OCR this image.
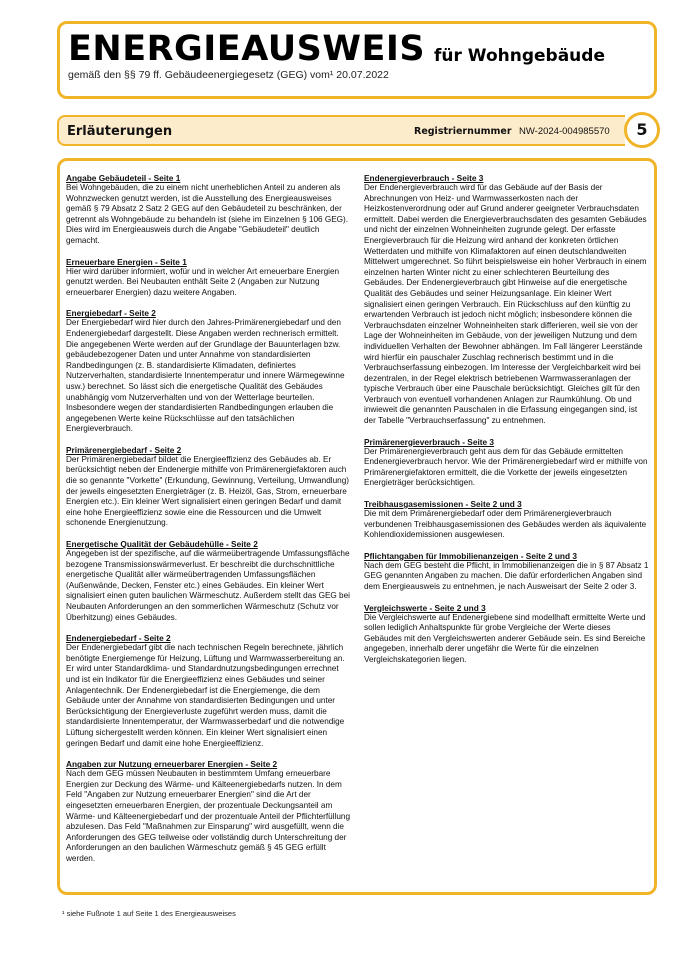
ENERGIEAUSWEIS für Wohngebäude
gemäß den §§ 79 ff. Gebäudeenergiegesetz (GEG) vom¹ 20.07.2022
Erläuterungen	Registriernummer NW-2024-004985570	5
Angabe Gebäudeteil - Seite 1
Bei Wohngebäuden, die zu einem nicht unerheblichen Anteil zu anderen als Wohnzwecken genutzt werden, ist die Ausstellung des Energieausweises gemäß § 79 Absatz 2 Satz 2 GEG auf den Gebäudeteil zu beschränken, der getrennt als Wohngebäude zu behandeln ist (siehe im Einzelnen § 106 GEG). Dies wird im Energieausweis durch die Angabe "Gebäudeteil" deutlich gemacht.
Erneuerbare Energien - Seite 1
Hier wird darüber informiert, wofür und in welcher Art erneuerbare Energien genutzt werden. Bei Neubauten enthält Seite 2 (Angaben zur Nutzung erneuerbarer Energien) dazu weitere Angaben.
Energiebedarf - Seite 2
Der Energiebedarf wird hier durch den Jahres-Primärenergiebedarf und den Endenergiebedarf dargestellt. Diese Angaben werden rechnerisch ermittelt. Die angegebenen Werte werden auf der Grundlage der Bauunterlagen bzw. gebäudebezogener Daten und unter Annahme von standardisierten Randbedingungen (z. B. standardisierte Klimadaten, definiertes Nutzerverhalten, standardisierte Innentemperatur und innere Wärmegewinne usw.) berechnet. So lässt sich die energetische Qualität des Gebäudes unabhängig vom Nutzerverhalten und von der Wetterlage beurteilen. Insbesondere wegen der standardisierten Randbedingungen erlauben die angegebenen Werte keine Rückschlüsse auf den tatsächlichen Energieverbrauch.
Primärenergiebedarf - Seite 2
Der Primärenergiebedarf bildet die Energieeffizienz des Gebäudes ab. Er berücksichtigt neben der Endenergie mithilfe von Primärenergiefaktoren auch die so genannte "Vorkette" (Erkundung, Gewinnung, Verteilung, Umwandlung) der jeweils eingesetzten Energieträger (z. B. Heizöl, Gas, Strom, erneuerbare Energien etc.). Ein kleiner Wert signalisiert einen geringen Bedarf und damit eine hohe Energieeffizienz sowie eine die Ressourcen und die Umwelt schonende Energienutzung.
Energetische Qualität der Gebäudehülle - Seite 2
Angegeben ist der spezifische, auf die wärmeübertragende Umfassungsfläche bezogene Transmissionswärmeverlust. Er beschreibt die durchschnittliche energetische Qualität aller wärmeübertragenden Umfassungsflächen (Außenwände, Decken, Fenster etc.) eines Gebäudes. Ein kleiner Wert signalisiert einen guten baulichen Wärmeschutz. Außerdem stellt das GEG bei Neubauten Anforderungen an den sommerlichen Wärmeschutz (Schutz vor Überhitzung) eines Gebäudes.
Endenergiebedarf - Seite 2
Der Endenergiebedarf gibt die nach technischen Regeln berechnete, jährlich benötigte Energiemenge für Heizung, Lüftung und Warmwasserbereitung an. Er wird unter Standardklima- und Standardnutzungsbedingungen errechnet und ist ein Indikator für die Energieeffizienz eines Gebäudes und seiner Anlagentechnik. Der Endenergiebedarf ist die Energiemenge, die dem Gebäude unter der Annahme von standardisierten Bedingungen und unter Berücksichtigung der Energieverluste zugeführt werden muss, damit die standardisierte Innentemperatur, der Warmwasserbedarf und die notwendige Lüftung sichergestellt werden können. Ein kleiner Wert signalisiert einen geringen Bedarf und damit eine hohe Energieeffizienz.
Angaben zur Nutzung erneuerbarer Energien - Seite 2
Nach dem GEG müssen Neubauten in bestimmtem Umfang erneuerbare Energien zur Deckung des Wärme- und Kälteenergiebedarfs nutzen. In dem Feld "Angaben zur Nutzung erneuerbarer Energien" sind die Art der eingesetzten erneuerbaren Energien, der prozentuale Deckungsanteil am Wärme- und Kälteenergiebedarf und der prozentuale Anteil der Pflichterfüllung abzulesen. Das Feld "Maßnahmen zur Einsparung" wird ausgefüllt, wenn die Anforderungen des GEG teilweise oder vollständig durch Unterschreitung der Anforderungen an den baulichen Wärmeschutz gemäß § 45 GEG erfüllt werden.
Endenergieverbrauch - Seite 3
Der Endenergieverbrauch wird für das Gebäude auf der Basis der Abrechnungen von Heiz- und Warmwasserkosten nach der Heizkostenverordnung oder auf Grund anderer geeigneter Verbrauchsdaten ermittelt. Dabei werden die Energieverbrauchsdaten des gesamten Gebäudes und nicht der einzelnen Wohneinheiten zugrunde gelegt. Der erfasste Energieverbrauch für die Heizung wird anhand der konkreten örtlichen Wetterdaten und mithilfe von Klimafaktoren auf einen deutschlandweiten Mittelwert umgerechnet. So führt beispielsweise ein hoher Verbrauch in einem einzelnen harten Winter nicht zu einer schlechteren Beurteilung des Gebäudes. Der Endenergieverbrauch gibt Hinweise auf die energetische Qualität des Gebäudes und seiner Heizungsanlage. Ein kleiner Wert signalisiert einen geringen Verbrauch. Ein Rückschluss auf den künftig zu erwartenden Verbrauch ist jedoch nicht möglich; insbesondere können die Verbrauchsdaten einzelner Wohneinheiten stark differieren, weil sie von der Lage der Wohneinheiten im Gebäude, von der jeweiligen Nutzung und dem individuellen Verhalten der Bewohner abhängen. Im Fall längerer Leerstände wird hierfür ein pauschaler Zuschlag rechnerisch bestimmt und in die Verbrauchserfassung einbezogen. Im Interesse der Vergleichbarkeit wird bei dezentralen, in der Regel elektrisch betriebenen Warmwasseranlagen der typische Verbrauch über eine Pauschale berücksichtigt. Gleiches gilt für den Verbrauch von eventuell vorhandenen Anlagen zur Raumkühlung. Ob und inwieweit die genannten Pauschalen in die Erfassung eingegangen sind, ist der Tabelle "Verbrauchserfassung" zu entnehmen.
Primärenergieverbrauch - Seite 3
Der Primärenergieverbrauch geht aus dem für das Gebäude ermittelten Endenergieverbrauch hervor. Wie der Primärenergiebedarf wird er mithilfe von Primärenergiefaktoren ermittelt, die die Vorkette der jeweils eingesetzten Energieträger berücksichtigen.
Treibhausgasemissionen - Seite 2 und 3
Die mit dem Primärenergiebedarf oder dem Primärenergieverbrauch verbundenen Treibhausgasemissionen des Gebäudes werden als äquivalente Kohlendioxidemissionen ausgewiesen.
Pflichtangaben für Immobilienanzeigen - Seite 2 und 3
Nach dem GEG besteht die Pflicht, in Immobilienanzeigen die in § 87 Absatz 1 GEG genannten Angaben zu machen. Die dafür erforderlichen Angaben sind dem Energieausweis zu entnehmen, je nach Ausweisart der Seite 2 oder 3.
Vergleichswerte - Seite 2 und 3
Die Vergleichswerte auf Endenergiebene sind modellhaft ermittelte Werte und sollen lediglich Anhaltspunkte für grobe Vergleiche der Werte dieses Gebäudes mit den Vergleichswerten anderer Gebäude sein. Es sind Bereiche angegeben, innerhalb derer ungefähr die Werte für die einzelnen Vergleichskategorien liegen.
¹ siehe Fußnote 1 auf Seite 1 des Energieausweises
